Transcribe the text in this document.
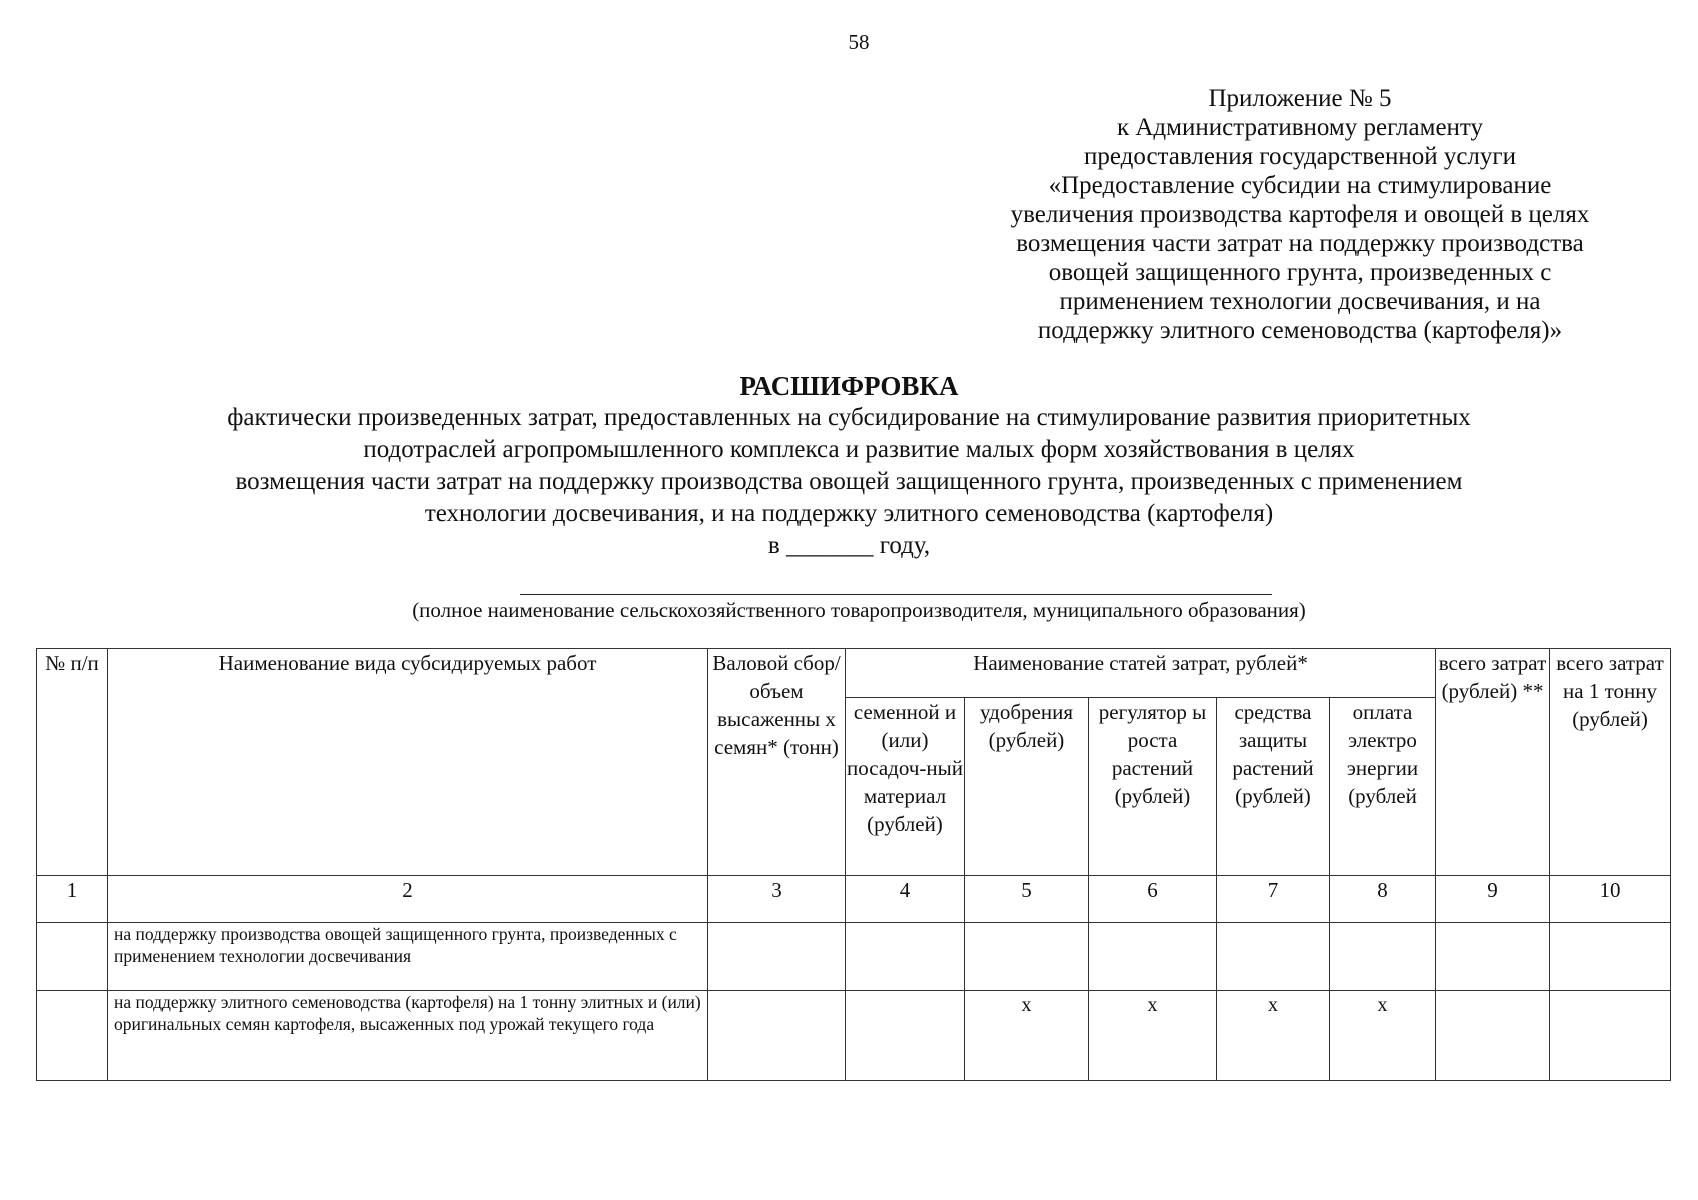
58
Приложение № 5
к Административному регламенту
предоставления государственной услуги
«Предоставление субсидии на стимулирование
увеличения производства картофеля и овощей в целях
возмещения части затрат на поддержку производства
овощей защищенного грунта, произведенных с
применением технологии досвечивания, и на
поддержку элитного семеноводства (картофеля)»
РАСШИФРОВКА
фактически произведенных затрат, предоставленных на субсидирование на стимулирование развития приоритетных
подотраслей агропромышленного комплекса и развитие малых форм хозяйствования в целях
возмещения части затрат на поддержку производства овощей защищенного грунта, произведенных с применением
технологии досвечивания, и на поддержку элитного семеноводства (картофеля)
в _______ году,
(полное наименование сельскохозяйственного товаропроизводителя, муниципального образования)
№ п/п	Наименование вида субсидируемых работ	Валовой сбор/объем высаженны х семян* (тонн)	Наименование статей затрат, рублей*					всего затрат (рублей) **	всего затрат на 1 тонну (рублей)
			семенной и (или) посадоч-ный материал (рублей)	удобрения (рублей)	регулятор ы роста растений (рублей)	средства защиты растений (рублей)	оплата электро энергии (рублей		
1	2	3	4	5	6	7	8	9	10
	на поддержку производства овощей защищенного грунта, произведенных с применением технологии досвечивания								
	на поддержку элитного семеноводства (картофеля) на 1 тонну элитных и (или) оригинальных семян картофеля, высаженных под урожай текущего года			х	х	х	х		
